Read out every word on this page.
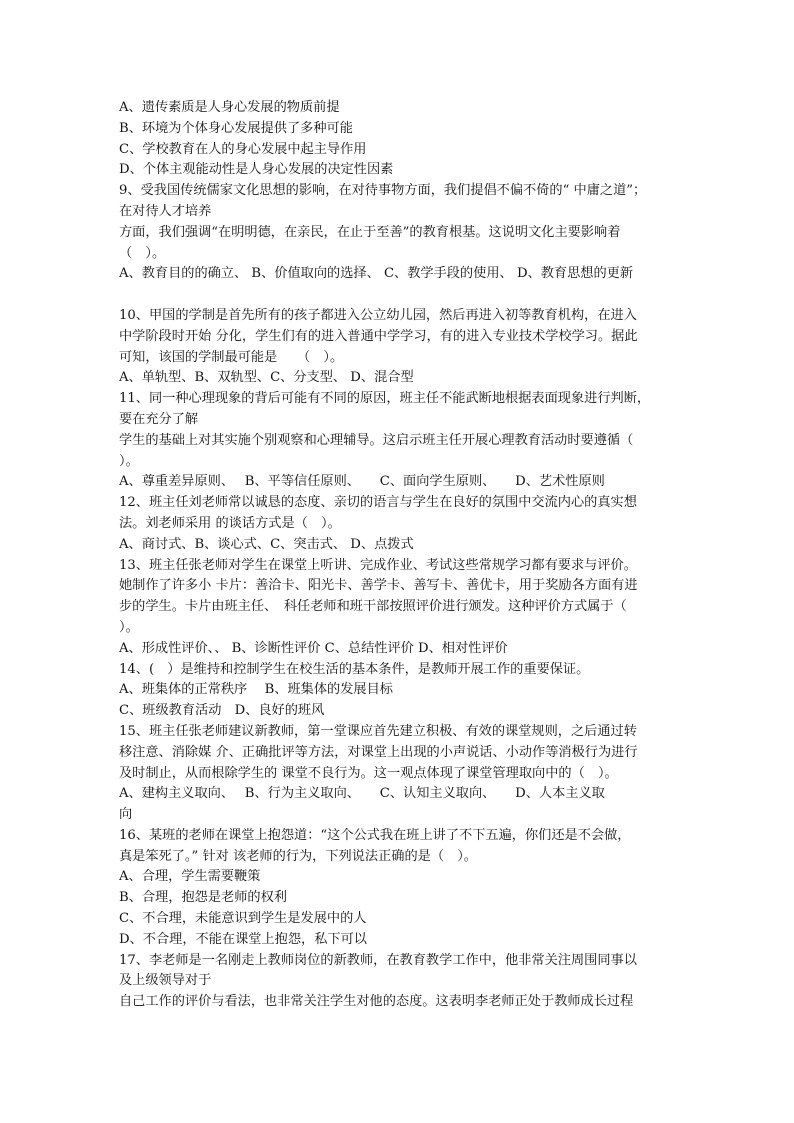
A、遗传素质是人身心发展的物质前提
B、环境为个体身心发展提供了多种可能
C、学校教育在人的身心发展中起主导作用
D、个体主观能动性是人身心发展的决定性因素
9、受我国传统儒家文化思想的影响，在对待事物方面，我们提倡不偏不倚的“ 中庸之道”；
在对待人才培养
方面，我们强调“在明明德，在亲民，在止于至善”的教育根基。这说明文化主要影响着
（　）。
A、教育目的的确立、 B、价值取向的选择、 C、教学手段的使用、 D、教育思想的更新
10、甲国的学制是首先所有的孩子都进入公立幼儿园，然后再进入初等教育机构，在进入
中学阶段时开始 分化，学生们有的进入普通中学学习，有的进入专业技术学校学习。据此
可知，该国的学制最可能是　　（　）。
A、单轨型、B、双轨型、C、分支型、 D、混合型
11、同一种心理现象的背后可能有不同的原因，班主任不能武断地根据表面现象进行判断，
要在充分了解
学生的基础上对其实施个别观察和心理辅导。这启示班主任开展心理教育活动时要遵循（
）。
A、尊重差异原则、　 B、平等信任原则、　　C、面向学生原则、　　D、艺术性原则
12、班主任刘老师常以诚恳的态度、亲切的语言与学生在良好的氛围中交流内心的真实想
法。刘老师采用 的谈话方式是（　）。
A、商讨式、B、谈心式、C、突击式、 D、点拨式
13、班主任张老师对学生在课堂上听讲、完成作业、考试这些常规学习都有要求与评价。
她制作了许多小 卡片：善洽卡、阳光卡、善学卡、善写卡、善优卡，用于奖励各方面有进
步的学生。卡片由班主任、　科任老师和班干部按照评价进行颁发。这种评价方式属于（
）。
A、形成性评价、、 B、诊断性评价 C、总结性评价 D、相对性评价
14、(　）是维持和控制学生在校生活的基本条件，是教师开展工作的重要保证。
A、班集体的正常秩序　 B、班集体的发展目标
C、班级教育活动　D、良好的班风
15、班主任张老师建议新教师，第一堂课应首先建立积极、有效的课堂规则，之后通过转
移注意、消除媒 介、正确批评等方法，对课堂上出现的小声说话、小动作等消极行为进行
及时制止，从而根除学生的 课堂不良行为。这一观点体现了课堂管理取向中的（　）。
A、建构主义取向、　 B、行为主义取向、　　C、认知主义取向、　　D、人本主义取
向
16、某班的老师在课堂上抱怨道：“这个公式我在班上讲了不下五遍，你们还是不会做，
真是笨死了。” 针对 该老师的行为，下列说法正确的是（　）。
A、合理，学生需要鞭策
B、合理，抱怨是老师的权利
C、不合理，未能意识到学生是发展中的人
D、不合理，不能在课堂上抱怨，私下可以
17、李老师是一名刚走上教师岗位的新教师，在教育教学工作中，他非常关注周围同事以
及上级领导对于
自己工作的评价与看法，也非常关注学生对他的态度。这表明李老师正处于教师成长过程
